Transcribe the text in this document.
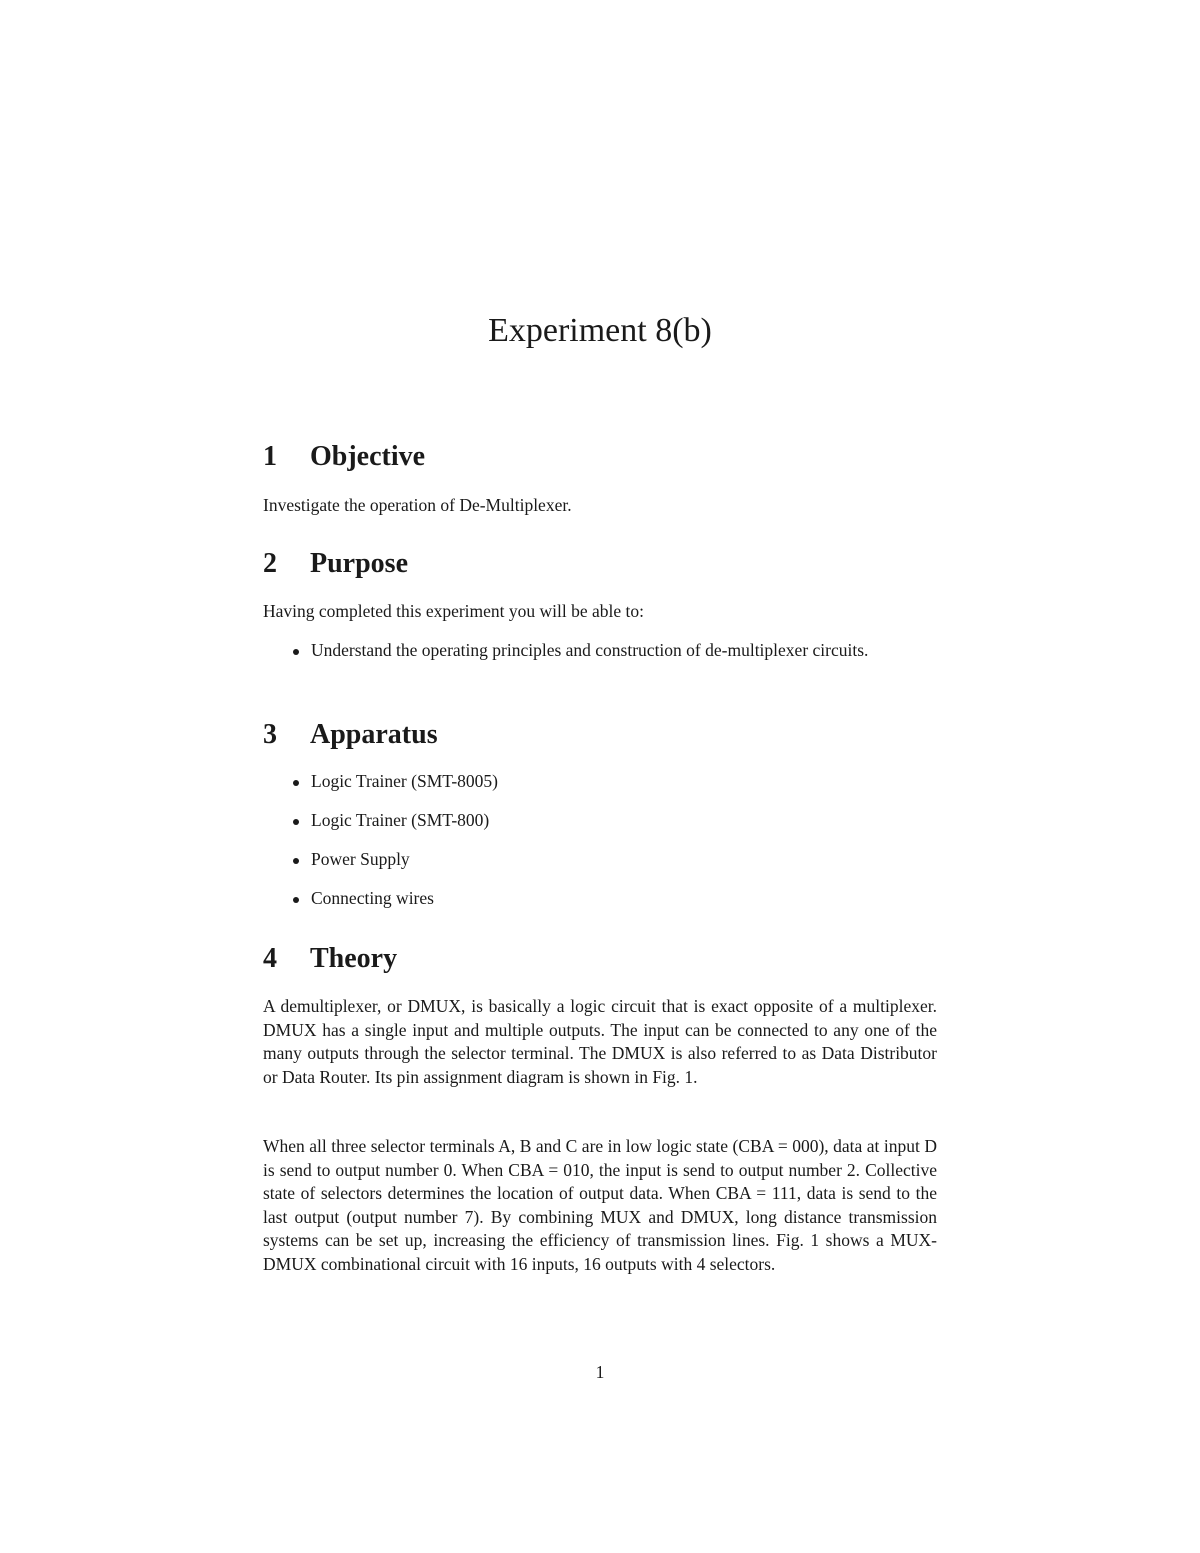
Experiment 8(b)
1	Objective

Investigate the operation of De-Multiplexer.

2	Purpose

Having completed this experiment you will be able to:

Understand the operating principles and construction of de-multiplexer circuits.
3	Apparatus
Logic Trainer (SMT-8005)
Logic Trainer (SMT-800)
Power Supply
Connecting wires
4	Theory

A demultiplexer, or DMUX, is basically a logic circuit that is exact opposite of a multiplexer. DMUX has a single input and multiple outputs. The input can be connected to any one of the many outputs through the selector terminal. The DMUX is also referred to as Data Distributor or Data Router. Its pin assignment diagram is shown in Fig. 1.

When all three selector terminals A, B and C are in low logic state (CBA = 000), data at input D is send to output number 0. When CBA = 010, the input is send to output number 2. Collective state of selectors determines the location of output data. When CBA = 111, data is send to the last output (output number 7). By combining MUX and DMUX, long distance transmission systems can be set up, increasing the efficiency of transmission lines. Fig. 1 shows a MUX-DMUX combinational circuit with 16 inputs, 16 outputs with 4 selectors.

1
